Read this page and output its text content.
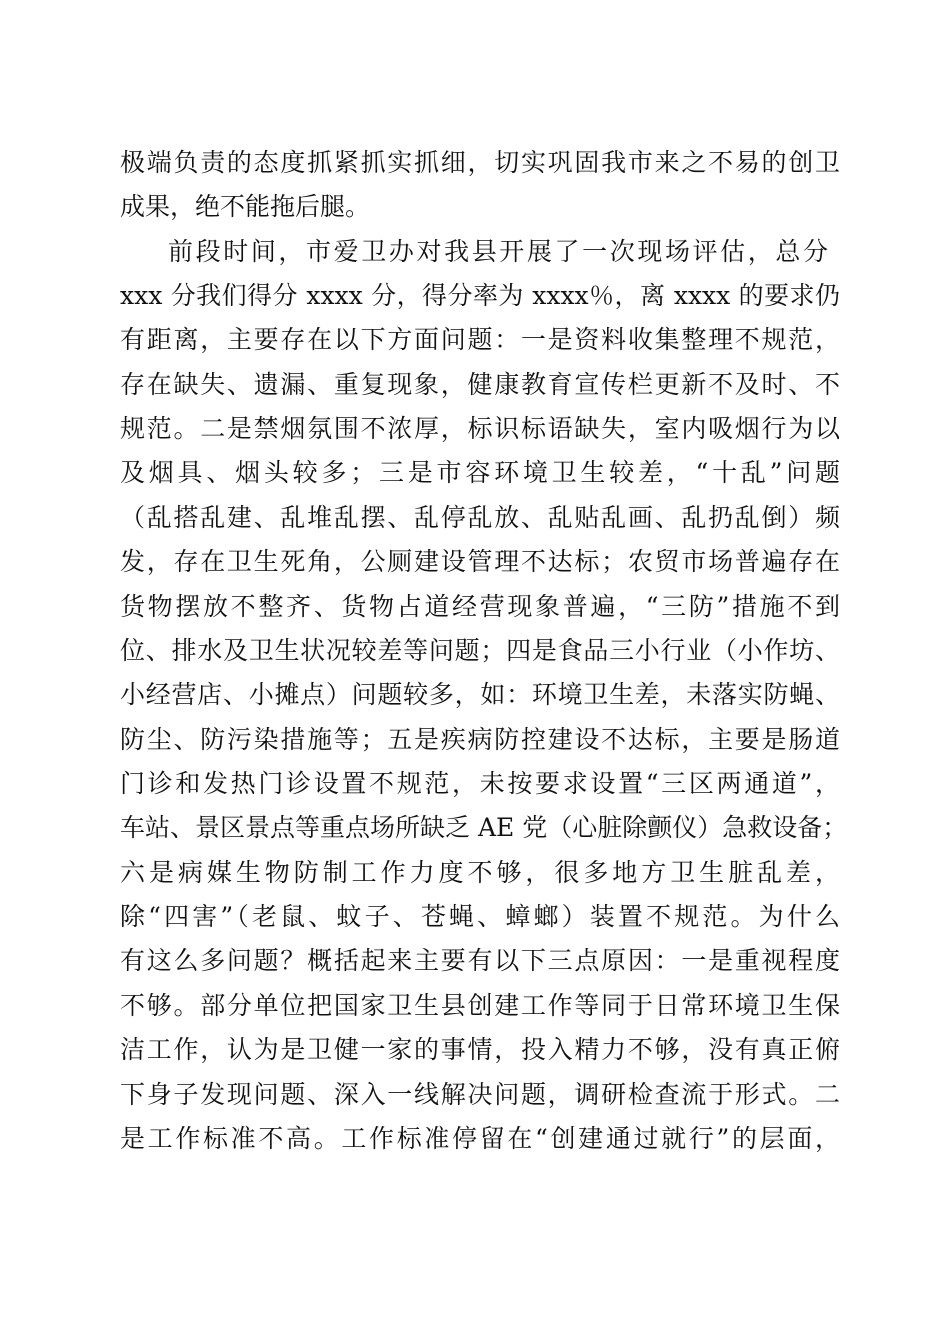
极端负责的态度抓紧抓实抓细，切实巩固我市来之不易的创卫
成果，绝不能拖后腿。
前段时间，市爱卫办对我县开展了一次现场评估，总分
xxx 分我们得分 xxxx 分，得分率为 xxxx％，离 xxxx 的要求仍
有距离，主要存在以下方面问题：一是资料收集整理不规范，
存在缺失、遗漏、重复现象，健康教育宣传栏更新不及时、不
规范。二是禁烟氛围不浓厚，标识标语缺失，室内吸烟行为以
及烟具、烟头较多；三是市容环境卫生较差，“十乱”问题
（乱搭乱建、乱堆乱摆、乱停乱放、乱贴乱画、乱扔乱倒）频
发，存在卫生死角，公厕建设管理不达标；农贸市场普遍存在
货物摆放不整齐、货物占道经营现象普遍，“三防”措施不到
位、排水及卫生状况较差等问题；四是食品三小行业（小作坊、
小经营店、小摊点）问题较多，如：环境卫生差，未落实防蝇、
防尘、防污染措施等；五是疾病防控建设不达标，主要是肠道
门诊和发热门诊设置不规范，未按要求设置“三区两通道”，
车站、景区景点等重点场所缺乏 AE 党（心脏除颤仪）急救设备；
六是病媒生物防制工作力度不够，很多地方卫生脏乱差，
除“四害”（老鼠、蚊子、苍蝇、蟑螂）装置不规范。为什么
有这么多问题？概括起来主要有以下三点原因：一是重视程度
不够。部分单位把国家卫生县创建工作等同于日常环境卫生保
洁工作，认为是卫健一家的事情，投入精力不够，没有真正俯
下身子发现问题、深入一线解决问题，调研检查流于形式。二
是工作标准不高。工作标准停留在“创建通过就行”的层面，
